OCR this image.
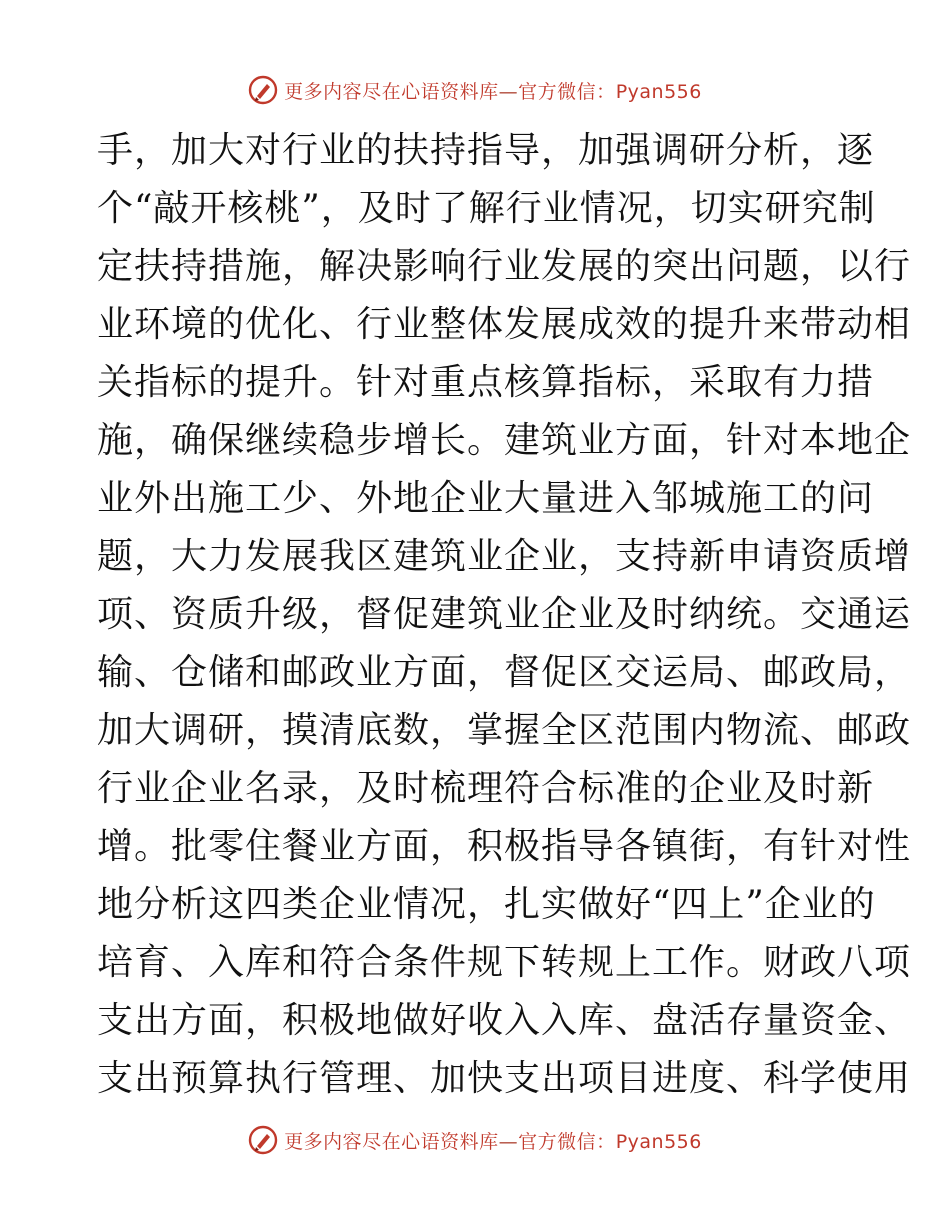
更多内容尽在心语资料库—官方微信：Pyan556
手，加大对行业的扶持指导，加强调研分析，逐
个“敲开核桃”，及时了解行业情况，切实研究制
定扶持措施，解决影响行业发展的突出问题，以行
业环境的优化、行业整体发展成效的提升来带动相
关指标的提升。针对重点核算指标，采取有力措
施，确保继续稳步增长。建筑业方面，针对本地企
业外出施工少、外地企业大量进入邹城施工的问
题，大力发展我区建筑业企业，支持新申请资质增
项、资质升级，督促建筑业企业及时纳统。交通运
输、仓储和邮政业方面，督促区交运局、邮政局，
加大调研，摸清底数，掌握全区范围内物流、邮政
行业企业名录，及时梳理符合标准的企业及时新
增。批零住餐业方面，积极指导各镇街，有针对性
地分析这四类企业情况，扎实做好“四上”企业的
培育、入库和符合条件规下转规上工作。财政八项
支出方面，积极地做好收入入库、盘活存量资金、
支出预算执行管理、加快支出项目进度、科学使用
更多内容尽在心语资料库—官方微信：Pyan556
